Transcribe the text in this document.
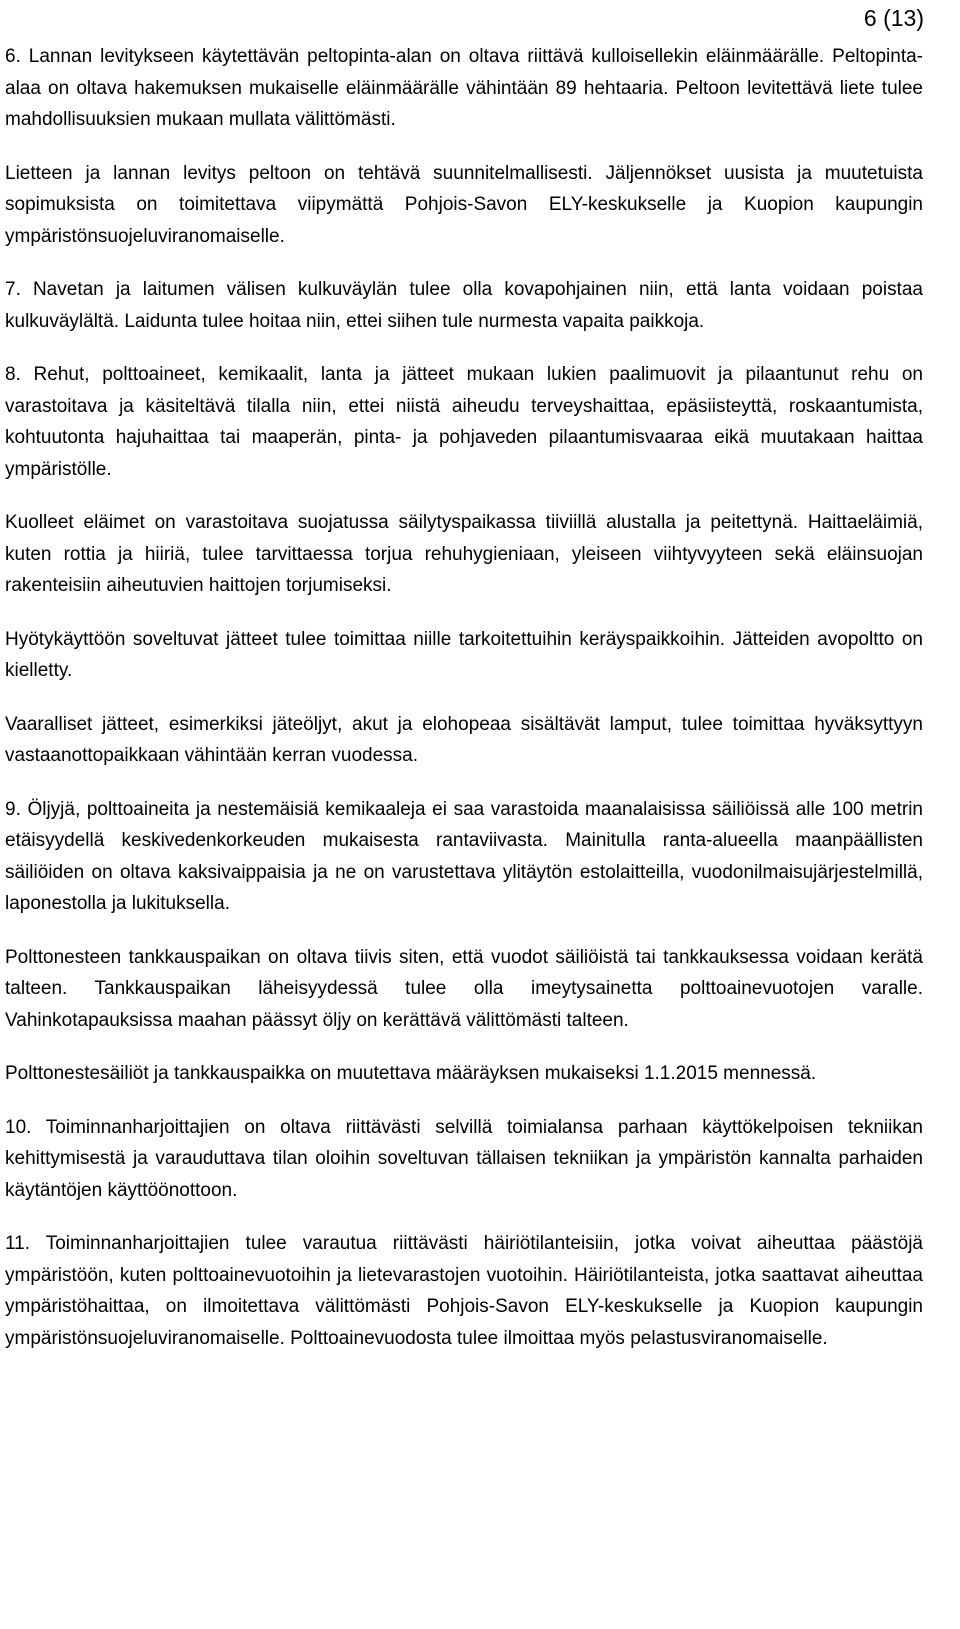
6 (13)

6. Lannan levitykseen käytettävän peltopinta-alan on oltava riittävä kulloisellekin eläinmäärälle. Peltopinta-alaa on oltava hakemuksen mukaiselle eläinmäärälle vähintään 89 hehtaaria. Peltoon levitettävä liete tulee mahdollisuuksien mukaan mullata välittömästi.

Lietteen ja lannan levitys peltoon on tehtävä suunnitelmallisesti. Jäljennökset uusista ja muutetuista sopimuksista on toimitettava viipymättä Pohjois-Savon ELY-keskukselle ja Kuopion kaupungin ympäristönsuojeluviranomaiselle.

7. Navetan ja laitumen välisen kulkuväylän tulee olla kovapohjainen niin, että lanta voidaan poistaa kulkuväylältä. Laidunta tulee hoitaa niin, ettei siihen tule nurmesta vapaita paikkoja.

8. Rehut, polttoaineet, kemikaalit, lanta ja jätteet mukaan lukien paalimuovit ja pilaantunut rehu on varastoitava ja käsiteltävä tilalla niin, ettei niistä aiheudu terveyshaittaa, epäsiisteyttä, roskaantumista, kohtuutonta hajuhaittaa tai maaperän, pinta- ja pohjaveden pilaantumisvaaraa eikä muutakaan haittaa ympäristölle.

Kuolleet eläimet on varastoitava suojatussa säilytyspaikassa tiiviillä alustalla ja peitettynä. Haittaeläimiä, kuten rottia ja hiiriä, tulee tarvittaessa torjua rehuhygieniaan, yleiseen viihtyvyyteen sekä eläinsuojan rakenteisiin aiheutuvien haittojen torjumiseksi.

Hyötykäyttöön soveltuvat jätteet tulee toimittaa niille tarkoitettuihin keräyspaikkoihin. Jätteiden avopoltto on kielletty.

Vaaralliset jätteet, esimerkiksi jäteöljyt, akut ja elohopeaa sisältävät lamput, tulee toimittaa hyväksyttyyn vastaanottopaikkaan vähintään kerran vuodessa.

9. Öljyjä, polttoaineita ja nestemäisiä kemikaaleja ei saa varastoida maanalaisissa säiliöissä alle 100 metrin etäisyydellä keskivedenkorkeuden mukaisesta rantaviivasta. Mainitulla ranta-alueella maanpäällisten säiliöiden on oltava kaksivaippaisia ja ne on varustettava ylitäytön estolaitteilla, vuodonilmaisujärjestelmillä, laponestolla ja lukituksella.

Polttonesteen tankkauspaikan on oltava tiivis siten, että vuodot säiliöistä tai tankkauksessa voidaan kerätä talteen. Tankkauspaikan läheisyydessä tulee olla imeytysainetta polttoainevuotojen varalle. Vahinkotapauksissa maahan päässyt öljy on kerättävä välittömästi talteen.

Polttonestesäiliöt ja tankkauspaikka on muutettava määräyksen mukaiseksi 1.1.2015 mennessä.

10. Toiminnanharjoittajien on oltava riittävästi selvillä toimialansa parhaan käyttökelpoisen tekniikan kehittymisestä ja varauduttava tilan oloihin soveltuvan tällaisen tekniikan ja ympäristön kannalta parhaiden käytäntöjen käyttöönottoon.

11. Toiminnanharjoittajien tulee varautua riittävästi häiriötilanteisiin, jotka voivat aiheuttaa päästöjä ympäristöön, kuten polttoainevuotoihin ja lietevarastojen vuotoihin. Häiriötilanteista, jotka saattavat aiheuttaa ympäristöhaittaa, on ilmoitettava välittömästi Pohjois-Savon ELY-keskukselle ja Kuopion kaupungin ympäristönsuojeluviranomaiselle. Polttoainevuodosta tulee ilmoittaa myös pelastusviranomaiselle.
